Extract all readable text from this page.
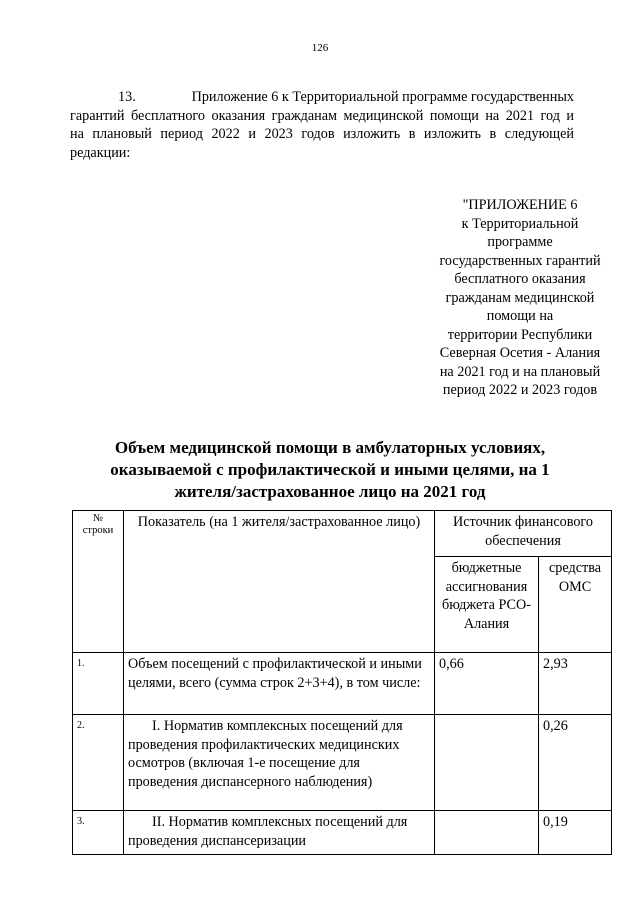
126
13.	Приложение 6 к Территориальной программе государственных
гарантий бесплатного оказания гражданам медицинской помощи на 2021 год и
на плановый период 2022 и 2023 годов изложить в изложить в следующей
редакции:
"ПРИЛОЖЕНИЕ 6
к Территориальной
программе
государственных гарантий
бесплатного оказания
гражданам медицинской
помощи на
территории Республики
Северная Осетия - Алания
на 2021 год и на плановый
период 2022 и 2023 годов
Объем медицинской помощи в амбулаторных условиях,
оказываемой с профилактической и иными целями, на 1
жителя/застрахованное лицо на 2021 год
№ строки	Показатель (на 1 жителя/застрахованное лицо)	Источник финансового обеспечения	
		бюджетные ассигнования бюджета РСО-Алания	средства ОМС
1.	Объем посещений с профилактической и иными целями, всего (сумма строк 2+3+4), в том числе:	0,66	2,93
2.	I. Норматив комплексных посещений для проведения профилактических медицинских осмотров (включая 1-е посещение для проведения диспансерного наблюдения)		0,26
3.	II. Норматив комплексных посещений для проведения диспансеризации		0,19
